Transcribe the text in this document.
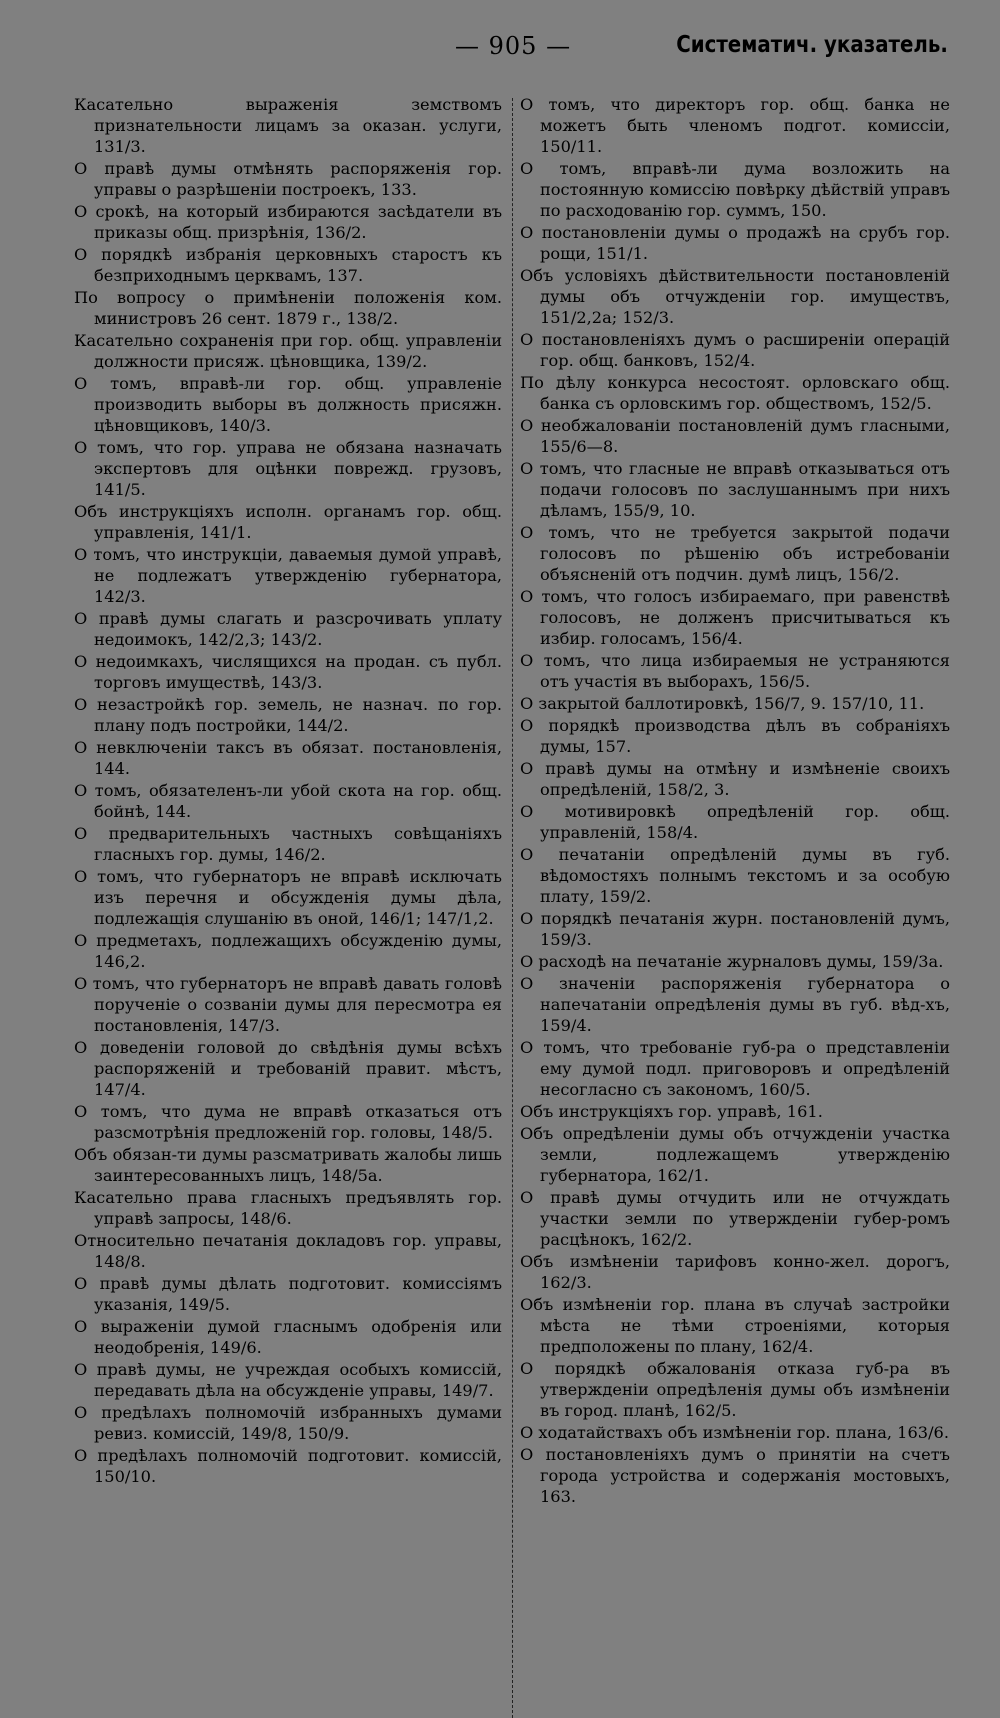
— 905 —	Систематич. указатель.

Касательно выраженія земствомъ признательности лицамъ за оказан. услуги, 131/3.

О правѣ думы отмѣнять распоряженія гор. управы о разрѣшеніи построекъ, 133.

О срокѣ, на который избираются засѣдатели въ приказы общ. призрѣнія, 136/2.

О порядкѣ избранія церковныхъ старостъ къ безприходнымъ церквамъ, 137.

По вопросу о примѣненіи положенія ком. министровъ 26 сент. 1879 г., 138/2.

Касательно сохраненія при гор. общ. управленіи должности присяж. цѣновщика, 139/2.

О томъ, вправѣ-ли гор. общ. управленіе производить выборы въ должность присяжн. цѣновщиковъ, 140/3.

О томъ, что гор. управа не обязана назначать экспертовъ для оцѣнки поврежд. грузовъ, 141/5.

Объ инструкціяхъ исполн. органамъ гор. общ. управленія, 141/1.

О томъ, что инструкціи, даваемыя думой управѣ, не подлежатъ утвержденію губернатора, 142/3.

О правѣ думы слагать и разсрочивать уплату недоимокъ, 142/2,3; 143/2.

О недоимкахъ, числящихся на продан. съ публ. торговъ имуществѣ, 143/3.

О незастройкѣ гор. земель, не назнач. по гор. плану подъ постройки, 144/2.

О невключеніи таксъ въ обязат. постановленія, 144.

О томъ, обязателенъ-ли убой скота на гор. общ. бойнѣ, 144.

О предварительныхъ частныхъ совѣщаніяхъ гласныхъ гор. думы, 146/2.

О томъ, что губернаторъ не вправѣ исключать изъ перечня и обсужденія думы дѣла, подлежащія слушанію въ оной, 146/1; 147/1,2.

О предметахъ, подлежащихъ обсужденію думы, 146,2.

О томъ, что губернаторъ не вправѣ давать головѣ порученіе о созваніи думы для пересмотра ея постановленія, 147/3.

О доведеніи головой до свѣдѣнія думы всѣхъ распоряженій и требованій правит. мѣстъ, 147/4.

О томъ, что дума не вправѣ отказаться отъ разсмотрѣнія предложеній гор. головы, 148/5.

Объ обязан-ти думы разсматривать жалобы лишь заинтересованныхъ лицъ, 148/5а.

Касательно права гласныхъ предъявлять гор. управѣ запросы, 148/6.

Относительно печатанія докладовъ гор. управы, 148/8.

О правѣ думы дѣлать подготовит. комиссіямъ указанія, 149/5.

О выраженіи думой гласнымъ одобренія или неодобренія, 149/6.

О правѣ думы, не учреждая особыхъ комиссій, передавать дѣла на обсужденіе управы, 149/7.

О предѣлахъ полномочій избранныхъ думами ревиз. комиссій, 149/8, 150/9.

О предѣлахъ полномочій подготовит. комиссій, 150/10.

О томъ, что директоръ гор. общ. банка не можетъ быть членомъ подгот. комиссіи, 150/11.

О томъ, вправѣ-ли дума возложить на постоянную комиссію повѣрку дѣйствій управъ по расходованію гор. суммъ, 150.

О постановленіи думы о продажѣ на срубъ гор. рощи, 151/1.

Объ условіяхъ дѣйствительности постановленій думы объ отчужденіи гор. имуществъ, 151/2,2а; 152/3.

О постановленіяхъ думъ о расширеніи операцій гор. общ. банковъ, 152/4.

По дѣлу конкурса несостоят. орловскаго общ. банка съ орловскимъ гор. обществомъ, 152/5.

О необжалованіи постановленій думъ гласными, 155/6—8.

О томъ, что гласные не вправѣ отказываться отъ подачи голосовъ по заслушаннымъ при нихъ дѣламъ, 155/9, 10.

О томъ, что не требуется закрытой подачи голосовъ по рѣшенію объ истребованіи объясненій отъ подчин. думѣ лицъ, 156/2.

О томъ, что голосъ избираемаго, при равенствѣ голосовъ, не долженъ присчитываться къ избир. голосамъ, 156/4.

О томъ, что лица избираемыя не устраняются отъ участія въ выборахъ, 156/5.

О закрытой баллотировкѣ, 156/7, 9. 157/10, 11.

О порядкѣ производства дѣлъ въ собраніяхъ думы, 157.

О правѣ думы на отмѣну и измѣненіе своихъ опредѣленій, 158/2, 3.

О мотивировкѣ опредѣленій гор. общ. управленій, 158/4.

О печатаніи опредѣленій думы въ губ. вѣдомостяхъ полнымъ текстомъ и за особую плату, 159/2.

О порядкѣ печатанія журн. постановленій думъ, 159/3.

О расходѣ на печатаніе журналовъ думы, 159/3а.

О значеніи распоряженія губернатора о напечатаніи опредѣленія думы въ губ. вѣд-хъ, 159/4.

О томъ, что требованіе губ-ра о представленіи ему думой подл. приговоровъ и опредѣленій несогласно съ закономъ, 160/5.

Объ инструкціяхъ гор. управѣ, 161.

Объ опредѣленіи думы объ отчужденіи участка земли, подлежащемъ утвержденію губернатора, 162/1.

О правѣ думы отчудить или не отчуждать участки земли по утвержденіи губер-ромъ расцѣнокъ, 162/2.

Объ измѣненіи тарифовъ конно-жел. дорогъ, 162/3.

Объ измѣненіи гор. плана въ случаѣ застройки мѣста не тѣми строеніями, которыя предположены по плану, 162/4.

О порядкѣ обжалованія отказа губ-ра въ утвержденіи опредѣленія думы объ измѣненіи въ город. планѣ, 162/5.

О ходатайствахъ объ измѣненіи гор. плана, 163/6.

О постановленіяхъ думъ о принятіи на счетъ города устройства и содержанія мостовыхъ, 163.
